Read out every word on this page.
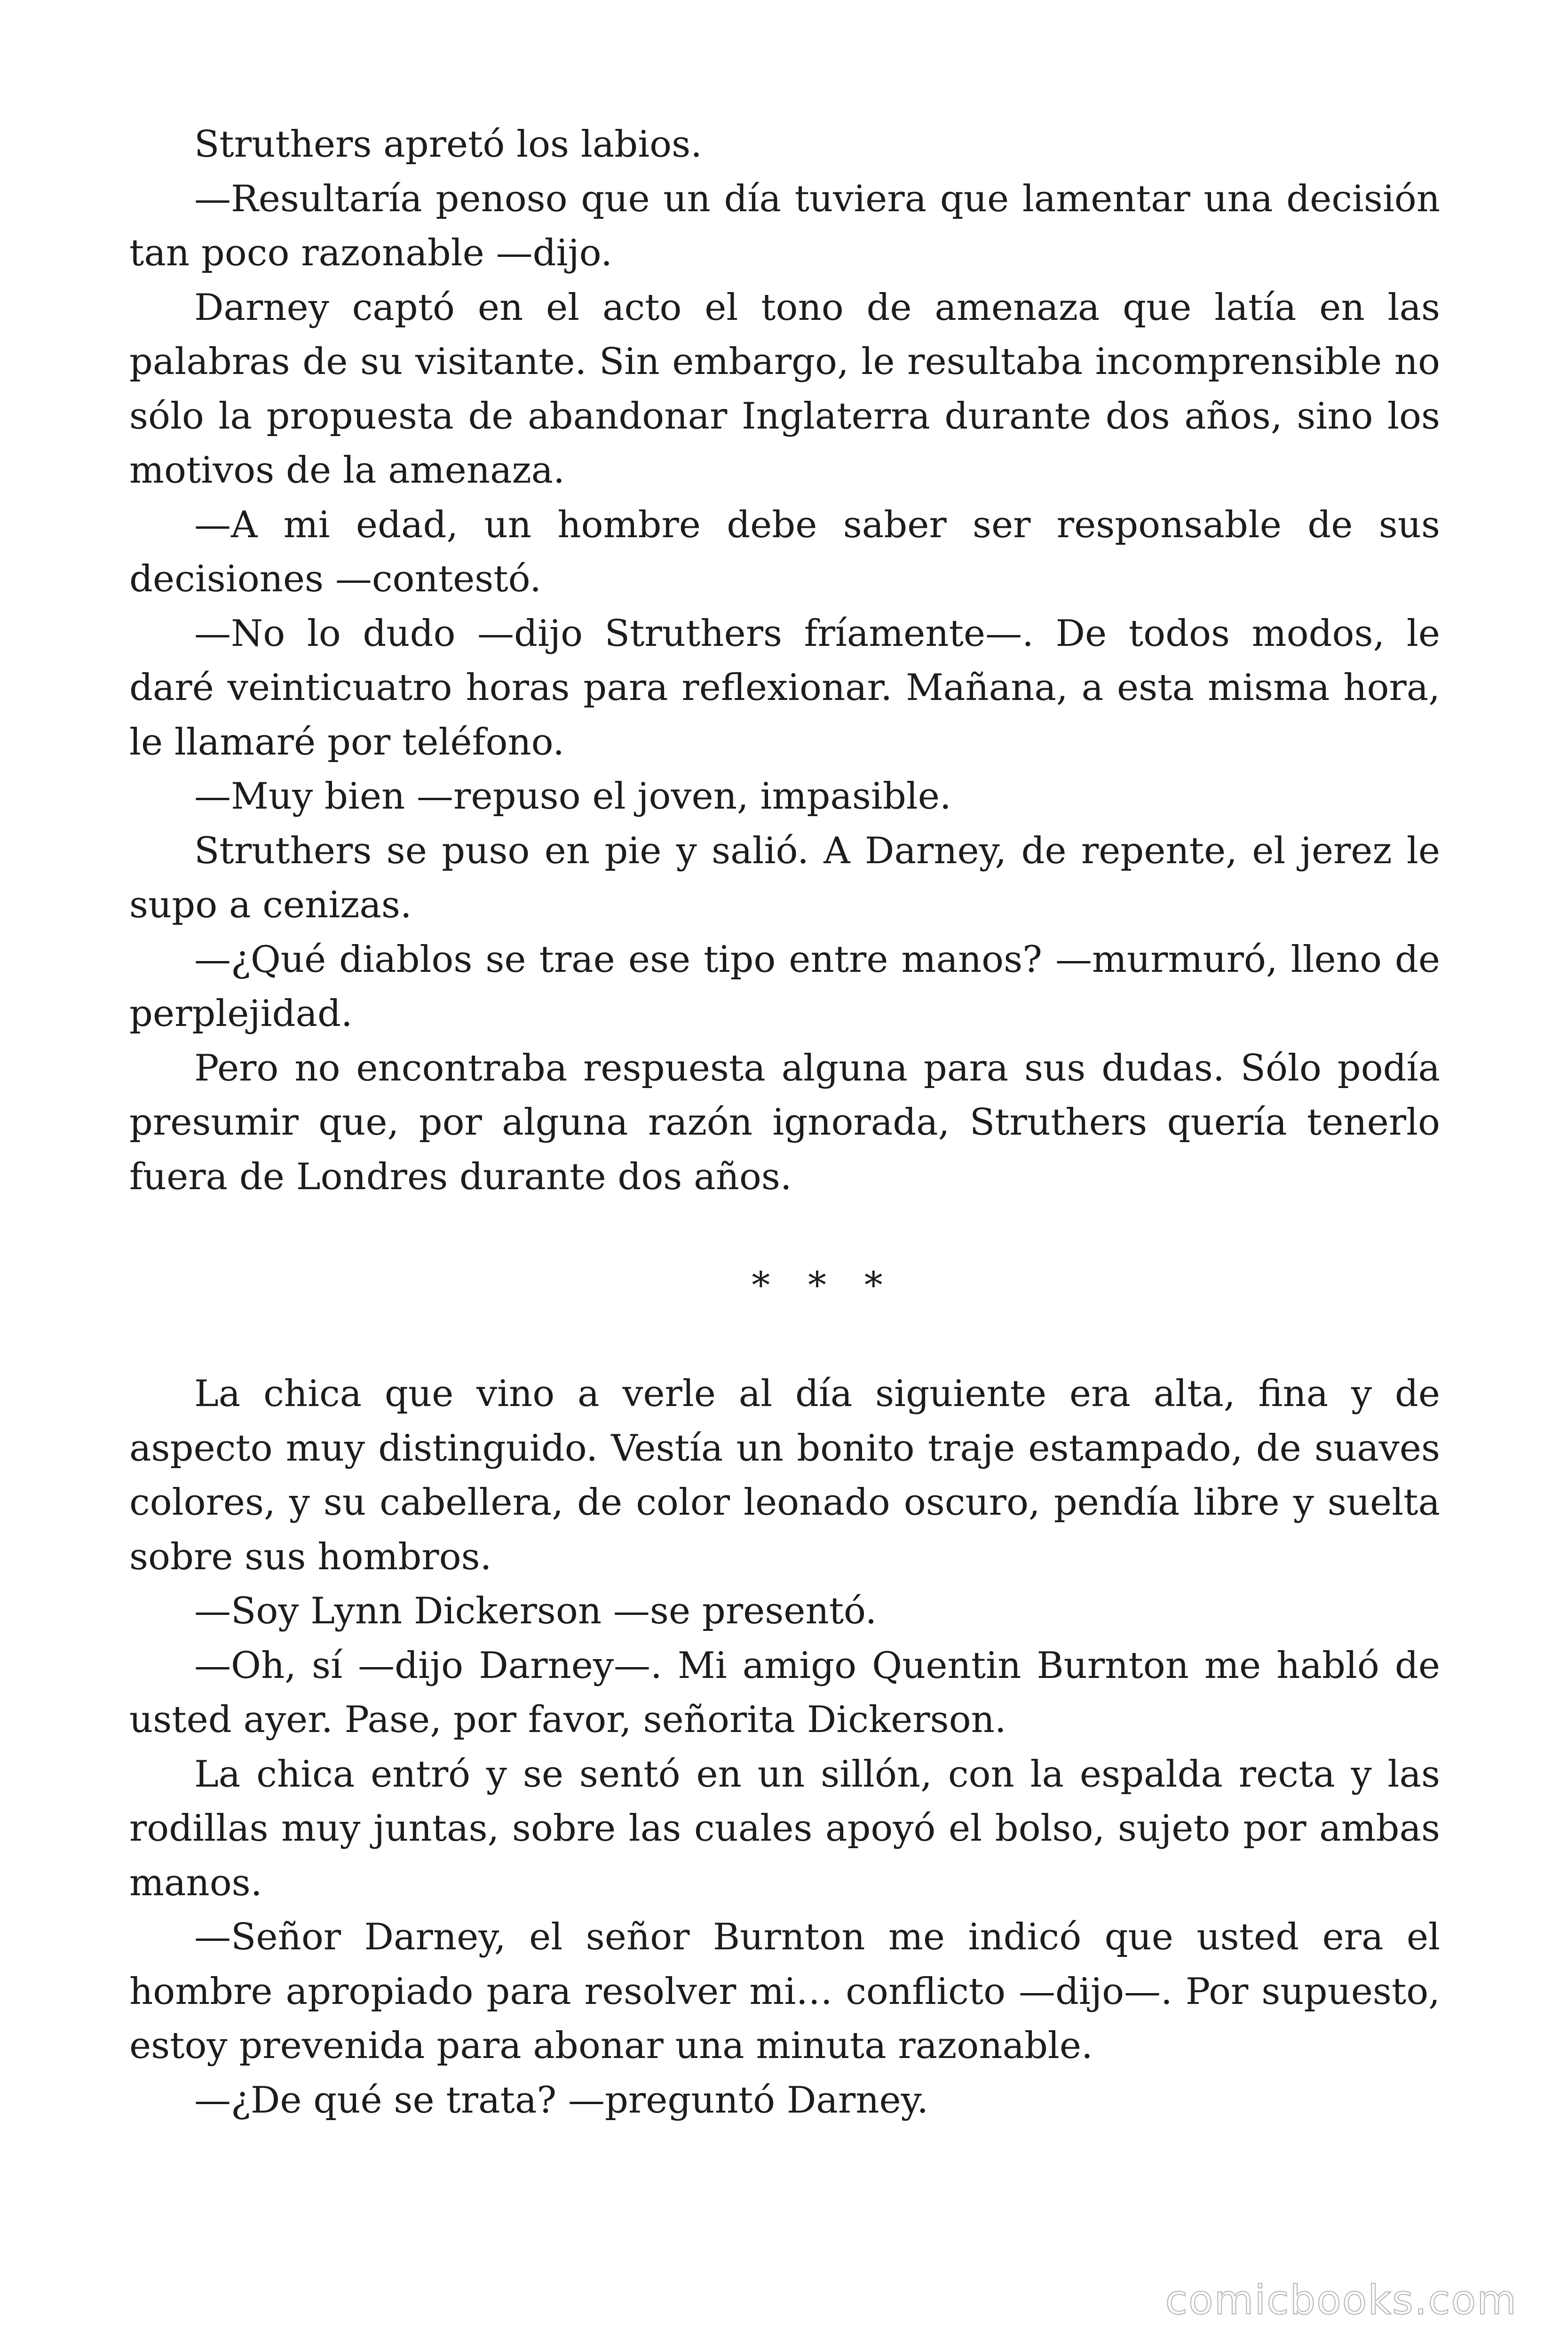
Struthers apretó los labios.

—Resultaría penoso que un día tuviera que lamentar una decisión tan poco razonable —dijo.

Darney captó en el acto el tono de amenaza que latía en las palabras de su visitante. Sin embargo, le resultaba incomprensible no sólo la propuesta de abandonar Inglaterra durante dos años, sino los motivos de la amenaza.

—A mi edad, un hombre debe saber ser responsable de sus decisiones —contestó.

—No lo dudo —dijo Struthers fríamente—. De todos modos, le daré veinticuatro horas para reflexionar. Mañana, a esta misma hora, le llamaré por teléfono.

—Muy bien —repuso el joven, impasible.

Struthers se puso en pie y salió. A Darney, de repente, el jerez le supo a cenizas.

—¿Qué diablos se trae ese tipo entre manos? —murmuró, lleno de perplejidad.

Pero no encontraba respuesta alguna para sus dudas. Sólo podía presumir que, por alguna razón ignorada, Struthers quería tenerlo fuera de Londres durante dos años.

* * *

La chica que vino a verle al día siguiente era alta, fina y de aspecto muy distinguido. Vestía un bonito traje estampado, de suaves colores, y su cabellera, de color leonado oscuro, pendía libre y suelta sobre sus hombros.

—Soy Lynn Dickerson —se presentó.

—Oh, sí —dijo Darney—. Mi amigo Quentin Burnton me habló de usted ayer. Pase, por favor, señorita Dickerson.

La chica entró y se sentó en un sillón, con la espalda recta y las rodillas muy juntas, sobre las cuales apoyó el bolso, sujeto por ambas manos.

—Señor Darney, el señor Burnton me indicó que usted era el hombre apropiado para resolver mi… conflicto —dijo—. Por supuesto, estoy prevenida para abonar una minuta razonable.

—¿De qué se trata? —preguntó Darney.

comicbooks.com
